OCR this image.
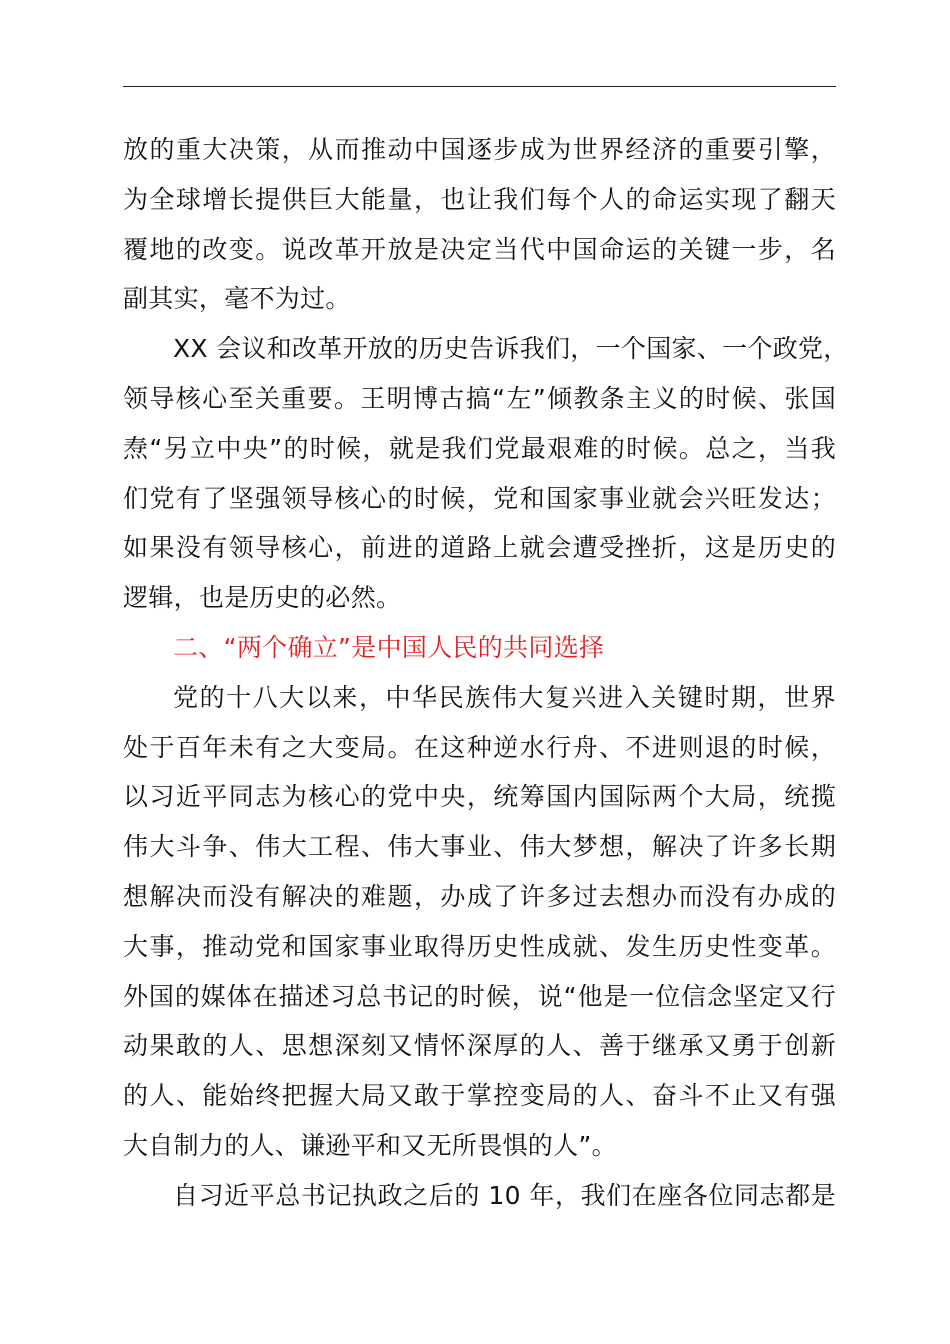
放的重大决策，从而推动中国逐步成为世界经济的重要引擎，
为全球增长提供巨大能量，也让我们每个人的命运实现了翻天
覆地的改变。说改革开放是决定当代中国命运的关键一步，名
副其实，毫不为过。
XX 会议和改革开放的历史告诉我们，一个国家、一个政党，
领导核心至关重要。王明博古搞“左”倾教条主义的时候、张国
焘“另立中央”的时候，就是我们党最艰难的时候。总之，当我
们党有了坚强领导核心的时候，党和国家事业就会兴旺发达；
如果没有领导核心，前进的道路上就会遭受挫折，这是历史的
逻辑，也是历史的必然。
二、“两个确立”是中国人民的共同选择
党的十八大以来，中华民族伟大复兴进入关键时期，世界
处于百年未有之大变局。在这种逆水行舟、不进则退的时候，
以习近平同志为核心的党中央，统筹国内国际两个大局，统揽
伟大斗争、伟大工程、伟大事业、伟大梦想，解决了许多长期
想解决而没有解决的难题，办成了许多过去想办而没有办成的
大事，推动党和国家事业取得历史性成就、发生历史性变革。
外国的媒体在描述习总书记的时候，说“他是一位信念坚定又行
动果敢的人、思想深刻又情怀深厚的人、善于继承又勇于创新
的人、能始终把握大局又敢于掌控变局的人、奋斗不止又有强
大自制力的人、谦逊平和又无所畏惧的人”。
自习近平总书记执政之后的 10 年，我们在座各位同志都是
